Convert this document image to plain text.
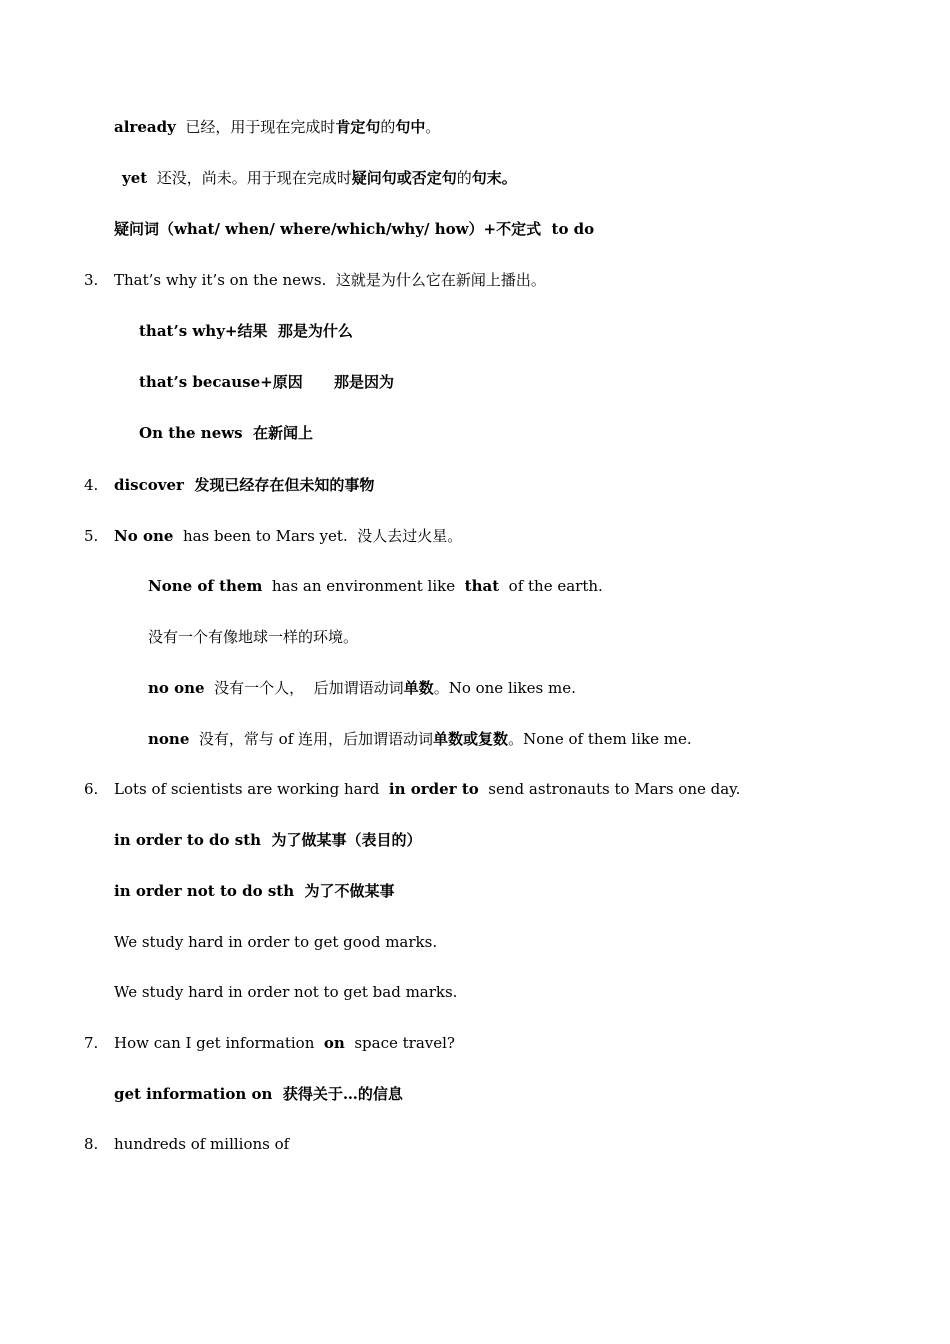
already  已经，用于现在完成时肯定句的句中。
yet  还没，尚未。用于现在完成时疑问句或否定句的句末。
疑问词（what/ when/ where/which/why/ how）+不定式  to do
3. That’s why it’s on the news.  这就是为什么它在新闻上播出。
that’s why+结果  那是为什么
that’s because+原因      那是因为
On the news  在新闻上
4. discover  发现已经存在但未知的事物
5. No one  has been to Mars yet.  没人去过火星。
None of them  has an environment like  that  of the earth.
没有一个有像地球一样的环境。
no one  没有一个人，  后加谓语动词单数。No one likes me.
none  没有，常与 of 连用，后加谓语动词单数或复数。None of them like me.
6. Lots of scientists are working hard  in order to  send astronauts to Mars one day.
in order to do sth  为了做某事（表目的）
in order not to do sth  为了不做某事
We study hard in order to get good marks.
We study hard in order not to get bad marks.
7. How can I get information  on  space travel?
get information on  获得关于…的信息
8. hundreds of millions of
